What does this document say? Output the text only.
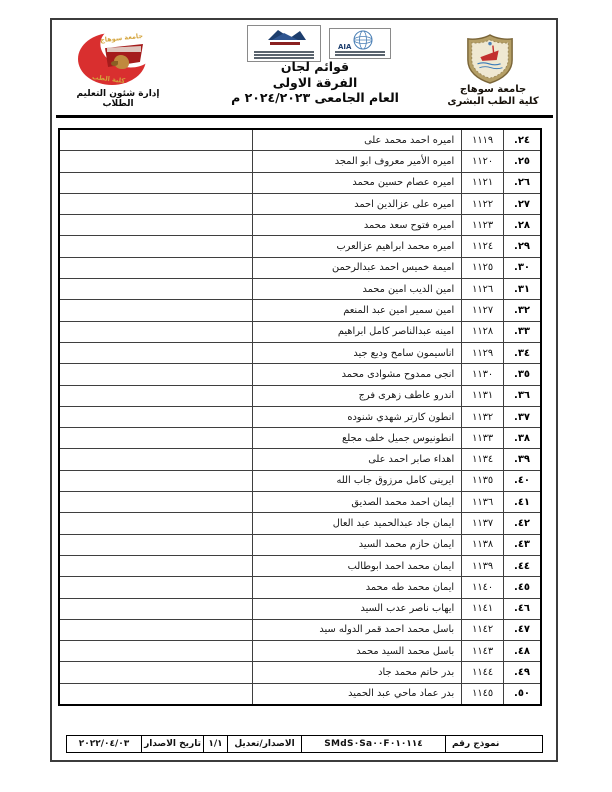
جامعة سوهاج
كلية الطب
إدارة شئون التعليم الطلاب
AIA
قوائم لجان
الفرقة الاولى
العام الجامعى ٢٠٢٤/٢٠٢٣ م
جامعة سوهاج
كلية الطب البشرى
اميره احمد محمد على	١١١٩	.٢٤
اميره الأمير معروف ابو المجد	١١٢٠	.٢٥
اميره عصام حسين محمد	١١٢١	.٢٦
اميره على عزالدين احمد	١١٢٢	.٢٧
اميره فتوح سعد محمد	١١٢٣	.٢٨
اميره محمد ابراهيم عزالعرب	١١٢٤	.٢٩
اميمة خميس احمد عبدالرحمن	١١٢٥	.٣٠
امين الديب امين محمد	١١٢٦	.٣١
امين سمير امين عبد المنعم	١١٢٧	.٣٢
امينه عبدالناصر كامل ابراهيم	١١٢٨	.٣٣
اناسيمون سامح وديع جيد	١١٢٩	.٣٤
انجى ممدوح مشوادى محمد	١١٣٠	.٣٥
اندرو عاطف زهرى فرج	١١٣١	.٣٦
انطون كارتر شهدي شنوده	١١٣٢	.٣٧
انطونيوس جميل خلف مجلع	١١٣٣	.٣٨
اهداء صابر احمد على	١١٣٤	.٣٩
ايرينى كامل مرزوق جاب الله	١١٣٥	.٤٠
ايمان احمد محمد الصديق	١١٣٦	.٤١
ايمان جاد عبدالحميد عبد العال	١١٣٧	.٤٢
ايمان حازم محمد السيد	١١٣٨	.٤٣
ايمان محمد احمد ابوطالب	١١٣٩	.٤٤
ايمان محمد طه محمد	١١٤٠	.٤٥
ايهاب ناصر عدب السيد	١١٤١	.٤٦
باسل محمد احمد قمر الدوله سيد	١١٤٢	.٤٧
باسل محمد السيد محمد	١١٤٣	.٤٨
بدر حاتم محمد جاد	١١٤٤	.٤٩
بدر عماد ماحي عبد الحميد	١١٤٥	.٥٠
٢٠٢٢/٠٤/٠٣	تاريخ الاصدار ١/١	الاصدار/تعديل	SMdS٠Sa٠٠F٠١٠١١٤	نموذج رقم
